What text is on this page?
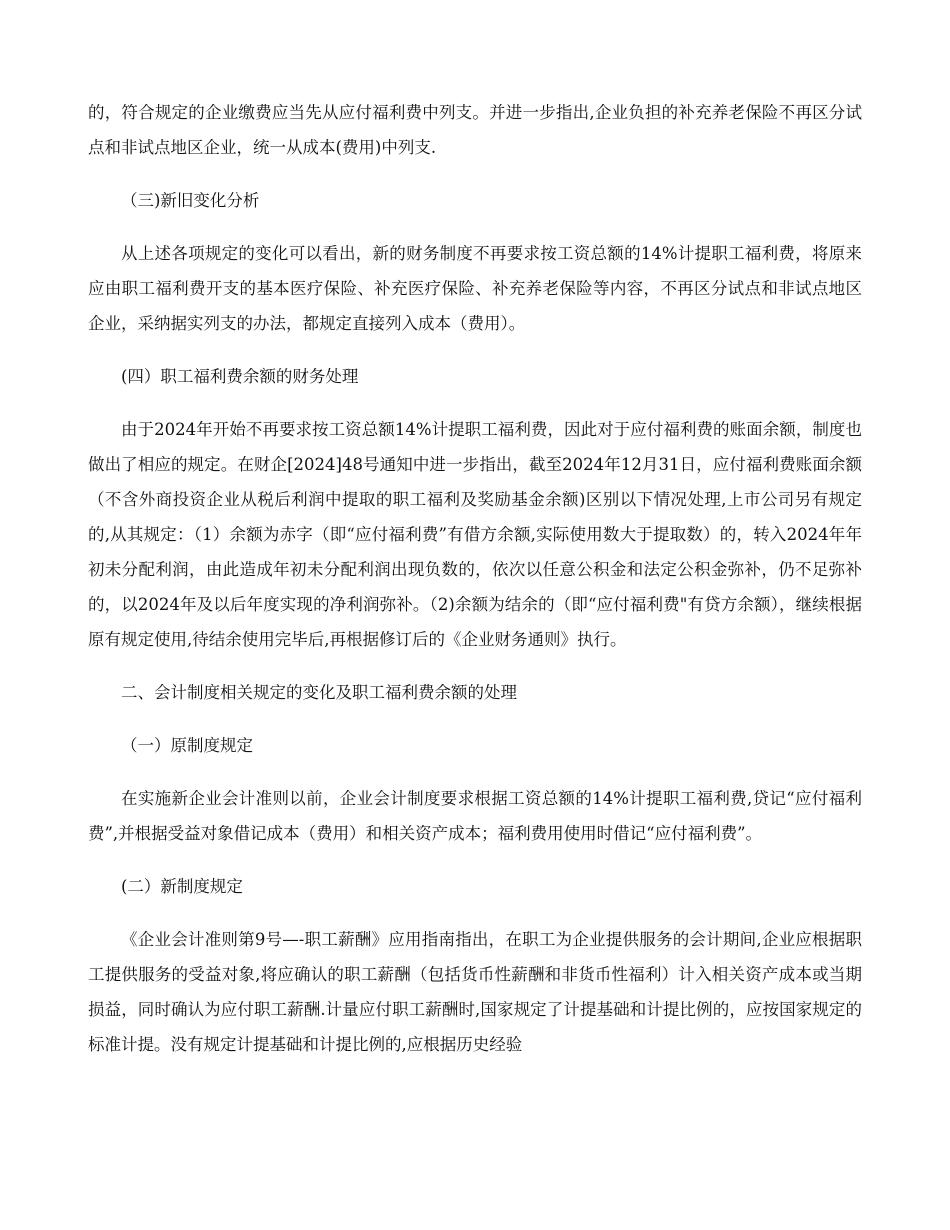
的，符合规定的企业缴费应当先从应付福利费中列支。并进一步指出,企业负担的补充养老保险不再区分试点和非试点地区企业，统一从成本(费用)中列支.

（三)新旧变化分析

从上述各项规定的变化可以看出，新的财务制度不再要求按工资总额的14%计提职工福利费，将原来应由职工福利费开支的基本医疗保险、补充医疗保险、补充养老保险等内容，不再区分试点和非试点地区企业，采纳据实列支的办法，都规定直接列入成本（费用）。

(四）职工福利费余额的财务处理

由于2024年开始不再要求按工资总额14%计提职工福利费，因此对于应付福利费的账面余额，制度也做出了相应的规定。在财企[2024]48号通知中进一步指出，截至2024年12月31日，应付福利费账面余额（不含外商投资企业从税后利润中提取的职工福利及奖励基金余额)区别以下情况处理,上市公司另有规定的,从其规定：（1）余额为赤字（即“应付福利费”有借方余额,实际使用数大于提取数）的，转入2024年年初未分配利润，由此造成年初未分配利润出现负数的，依次以任意公积金和法定公积金弥补，仍不足弥补的，以2024年及以后年度实现的净利润弥补。（2)余额为结余的（即“应付福利费"有贷方余额），继续根据原有规定使用,待结余使用完毕后,再根据修订后的《企业财务通则》执行。

二、会计制度相关规定的变化及职工福利费余额的处理

（一）原制度规定

在实施新企业会计准则以前，企业会计制度要求根据工资总额的14%计提职工福利费,贷记“应付福利费”,并根据受益对象借记成本（费用）和相关资产成本；福利费用使用时借记“应付福利费”。

(二）新制度规定

《企业会计准则第9号—-职工薪酬》应用指南指出，在职工为企业提供服务的会计期间,企业应根据职工提供服务的受益对象,将应确认的职工薪酬（包括货币性薪酬和非货币性福利）计入相关资产成本或当期损益，同时确认为应付职工薪酬.计量应付职工薪酬时,国家规定了计提基础和计提比例的，应按国家规定的标准计提。没有规定计提基础和计提比例的,应根据历史经验
